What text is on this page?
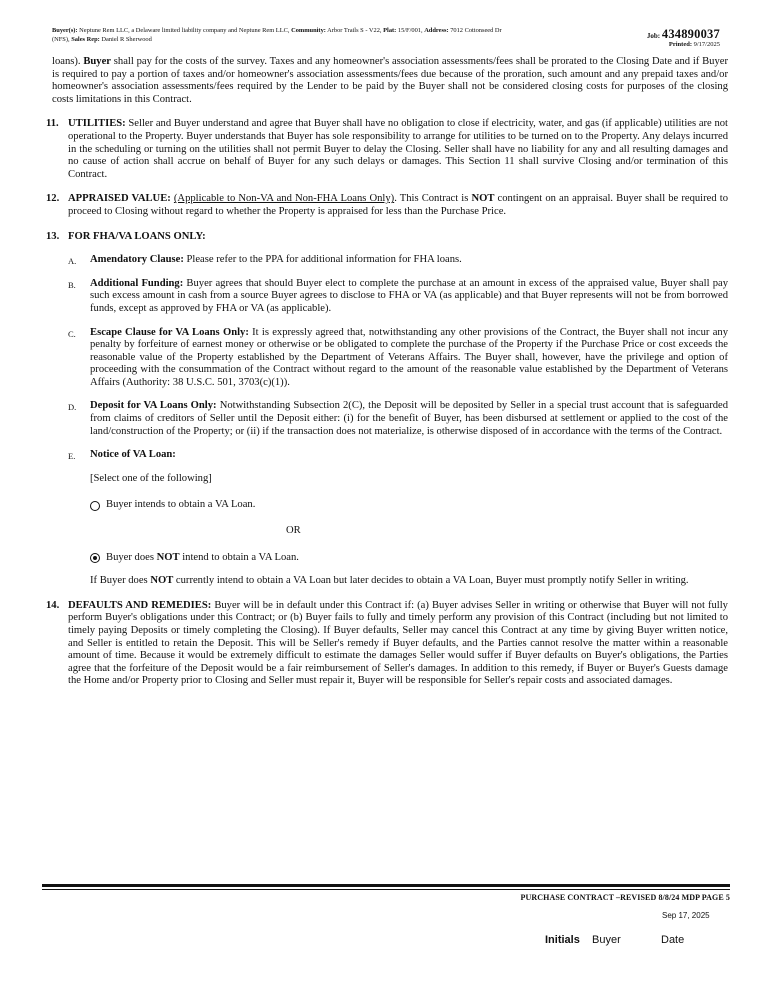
Buyer(s): Neptune Rem LLC, a Delaware limited liability company and Neptune Rem LLC, Community: Arbor Trails S - V22, Plat: 15/F/001, Address: 7012 Cottonseed Dr
(NFS), Sales Rep: Daniel R Sherwood	Job: 434890037
Printed: 9/17/2025
loans). Buyer shall pay for the costs of the survey. Taxes and any homeowner's association assessments/fees shall be prorated to the Closing Date and if Buyer is required to pay a portion of taxes and/or homeowner's association assessments/fees due because of the proration, such amount and any prepaid taxes and/or homeowner's association assessments/fees required by the Lender to be paid by the Buyer shall not be considered closing costs for purposes of the closing costs limitations in this Contract.
11. UTILITIES: Seller and Buyer understand and agree that Buyer shall have no obligation to close if electricity, water, and gas (if applicable) utilities are not operational to the Property. Buyer understands that Buyer has sole responsibility to arrange for utilities to be turned on to the Property. Any delays incurred in the scheduling or turning on the utilities shall not permit Buyer to delay the Closing. Seller shall have no liability for any and all resulting damages and no cause of action shall accrue on behalf of Buyer for any such delays or damages. This Section 11 shall survive Closing and/or termination of this Contract.
12. APPRAISED VALUE: (Applicable to Non-VA and Non-FHA Loans Only). This Contract is NOT contingent on an appraisal. Buyer shall be required to proceed to Closing without regard to whether the Property is appraised for less than the Purchase Price.
13. FOR FHA/VA LOANS ONLY:
A. Amendatory Clause: Please refer to the PPA for additional information for FHA loans.
B. Additional Funding: Buyer agrees that should Buyer elect to complete the purchase at an amount in excess of the appraised value, Buyer shall pay such excess amount in cash from a source Buyer agrees to disclose to FHA or VA (as applicable) and that Buyer represents will not be from borrowed funds, except as approved by FHA or VA (as applicable).
C. Escape Clause for VA Loans Only: It is expressly agreed that, notwithstanding any other provisions of the Contract, the Buyer shall not incur any penalty by forfeiture of earnest money or otherwise or be obligated to complete the purchase of the Property if the Purchase Price or cost exceeds the reasonable value of the Property established by the Department of Veterans Affairs. The Buyer shall, however, have the privilege and option of proceeding with the consummation of the Contract without regard to the amount of the reasonable value established by the Department of Veterans Affairs (Authority: 38 U.S.C. 501, 3703(c)(1)).
D. Deposit for VA Loans Only: Notwithstanding Subsection 2(C), the Deposit will be deposited by Seller in a special trust account that is safeguarded from claims of creditors of Seller until the Deposit either: (i) for the benefit of Buyer, has been disbursed at settlement or applied to the cost of the land/construction of the Property; or (ii) if the transaction does not materialize, is otherwise disposed of in accordance with the terms of the Contract.
E. Notice of VA Loan:
[Select one of the following]
Buyer intends to obtain a VA Loan.
OR
Buyer does NOT intend to obtain a VA Loan.
If Buyer does NOT currently intend to obtain a VA Loan but later decides to obtain a VA Loan, Buyer must promptly notify Seller in writing.
14. DEFAULTS AND REMEDIES: Buyer will be in default under this Contract if: (a) Buyer advises Seller in writing or otherwise that Buyer will not fully perform Buyer's obligations under this Contract; or (b) Buyer fails to fully and timely perform any provision of this Contract (including but not limited to timely paying Deposits or timely completing the Closing). If Buyer defaults, Seller may cancel this Contract at any time by giving Buyer written notice, and Seller is entitled to retain the Deposit. This will be Seller's remedy if Buyer defaults, and the Parties cannot resolve the matter within a reasonable amount of time. Because it would be extremely difficult to estimate the damages Seller would suffer if Buyer defaults on Buyer's obligations, the Parties agree that the forfeiture of the Deposit would be a fair reimbursement of Seller's damages. In addition to this remedy, if Buyer or Buyer's Guests damage the Home and/or Property prior to Closing and Seller must repair it, Buyer will be responsible for Seller's repair costs and associated damages.
PURCHASE CONTRACT –REVISED 8/8/24 MDP PAGE 5
Sep 17, 2025
Initials Buyer	Date
